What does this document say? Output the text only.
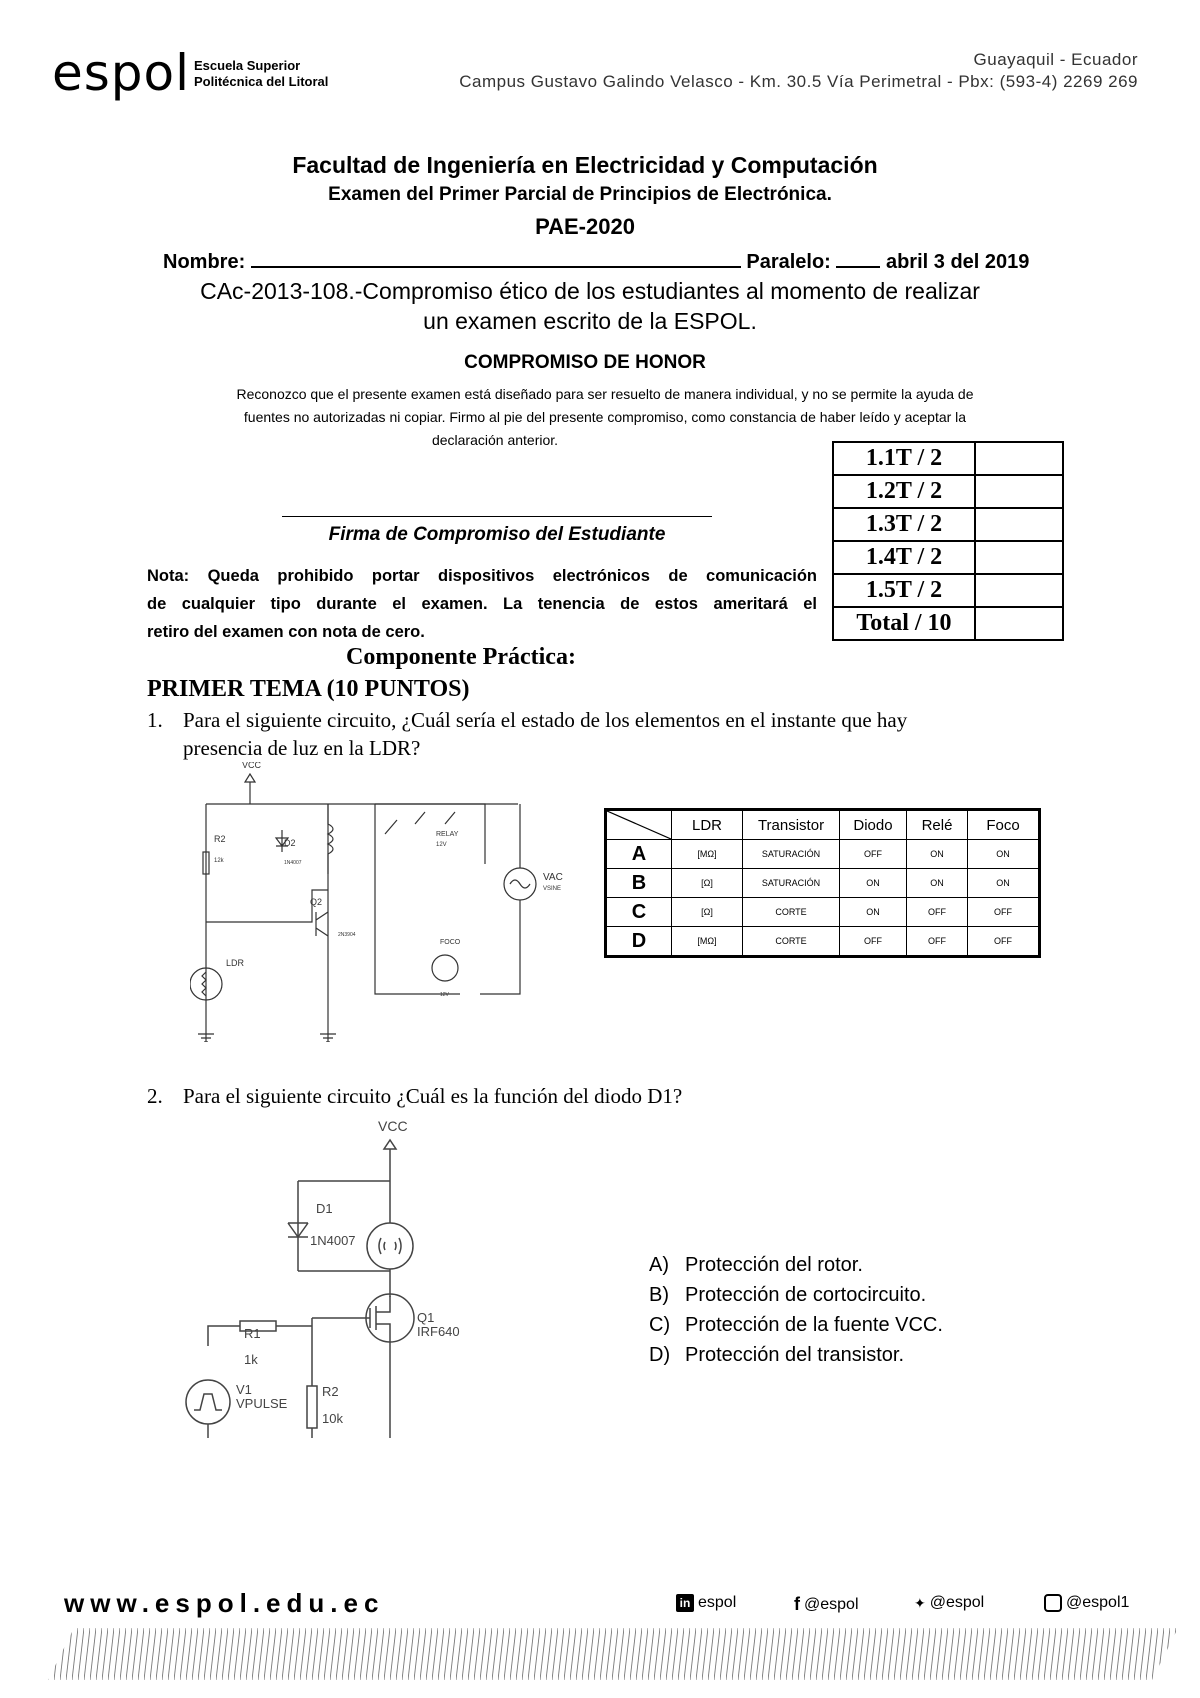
espol Escuela Superior
Politécnica del Litoral
Guayaquil - Ecuador
Campus Gustavo Galindo Velasco - Km. 30.5 Vía Perimetral - Pbx: (593-4) 2269 269
Facultad de Ingeniería en Electricidad y Computación
Examen del Primer Parcial de Principios de Electrónica.
PAE-2020
Nombre:	Paralelo:	abril 3 del 2019
CAc-2013-108.-Compromiso ético de los estudiantes al momento de realizar
un examen escrito de la ESPOL.
COMPROMISO DE HONOR
Reconozco que el presente examen está diseñado para ser resuelto de manera individual, y no se permite la ayuda de
fuentes no autorizadas ni copiar. Firmo al pie del presente compromiso, como constancia de haber leído y aceptar la
declaración anterior.
Firma de Compromiso del Estudiante
Nota: Queda prohibido portar dispositivos electrónicos de comunicación
de cualquier tipo durante el examen. La tenencia de estos ameritará el
retiro del examen con nota de cero.
1.1T / 2	
1.2T / 2	
1.3T / 2	
1.4T / 2	
1.5T / 2	
Total / 10	
Componente Práctica:
PRIMER TEMA (10 PUNTOS)
1. Para el siguiente circuito, ¿Cuál sería el estado de los elementos en el instante que hay
presencia de luz en la LDR?
VCC
R2
12k
D2
1N4007
Q2
2N3904
RELAY
12V
VAC
VSINE
FOCO
12V
LDR
	LDR	Transistor	Diodo	Relé	Foco
A	[MΩ]	SATURACIÓN	OFF	ON	ON
B	[Ω]	SATURACIÓN	ON	ON	ON
C	[Ω]	CORTE	ON	OFF	OFF
D	[MΩ]	CORTE	OFF	OFF	OFF
2. Para el siguiente circuito ¿Cuál es la función del diodo D1?
VCC
D1
1N4007
Q1
IRF640
R1
1k
R2
10k
V1
VPULSE
A) Protección del rotor.
B) Protección de cortocircuito.
C) Protección de la fuente VCC.
D) Protección del transistor.
www.espol.edu.ec	in espol	f @espol	✦ @espol	@espol1
